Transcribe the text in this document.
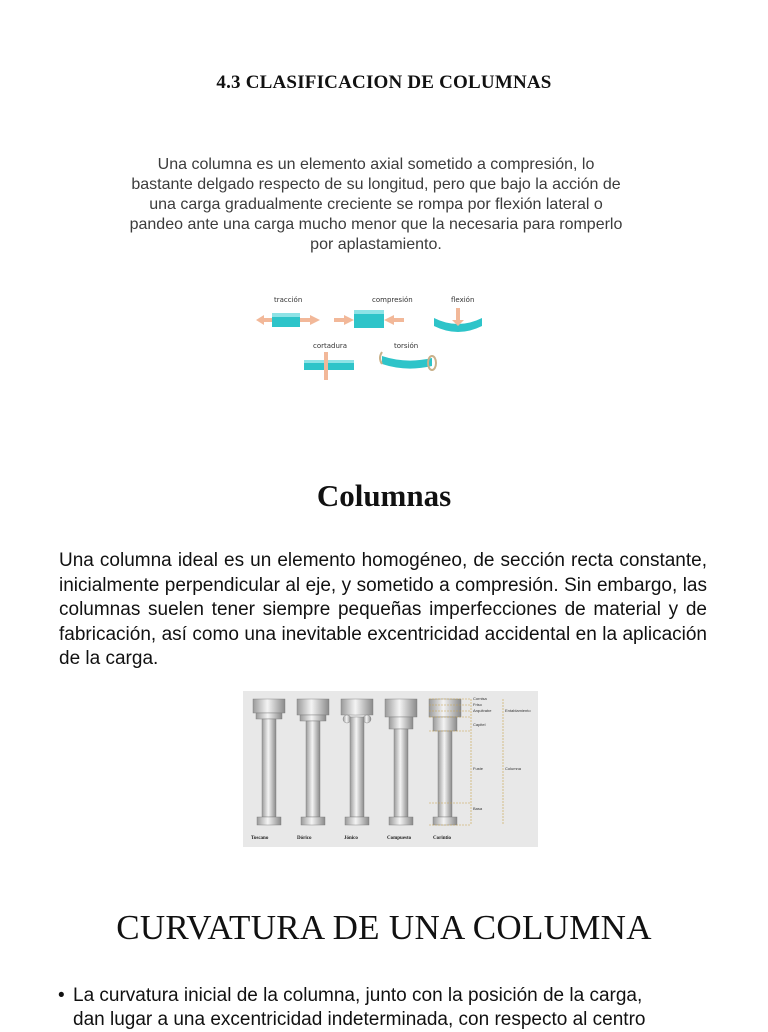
4.3 CLASIFICACION DE COLUMNAS
Una columna es un elemento axial sometido a compresión, lo
bastante delgado respecto de su longitud, pero que bajo la acción de
una carga gradualmente creciente se rompa por flexión lateral o
pandeo ante una carga mucho menor que la necesaria para romperlo
por aplastamiento.
tracción	compresión	flexión
cortadura	torsión
Columnas
Una columna ideal es un elemento homogéneo, de sección recta constante, inicialmente perpendicular al eje, y sometido a compresión. Sin embargo, las columnas suelen tener siempre pequeñas imperfecciones de material y de fabricación, así como una inevitable excentricidad accidental en la aplicación de la carga.
Cornisa
Friso
Arquitrabe
Capitel
Fuste
Basa
Entablamiento
Columna
Toscano	Dórico	Jónico	Compuesto	Corintio
CURVATURA DE UNA COLUMNA
• La curvatura inicial de la columna, junto con la posición de la carga,
dan lugar a una excentricidad indeterminada, con respecto al centro
